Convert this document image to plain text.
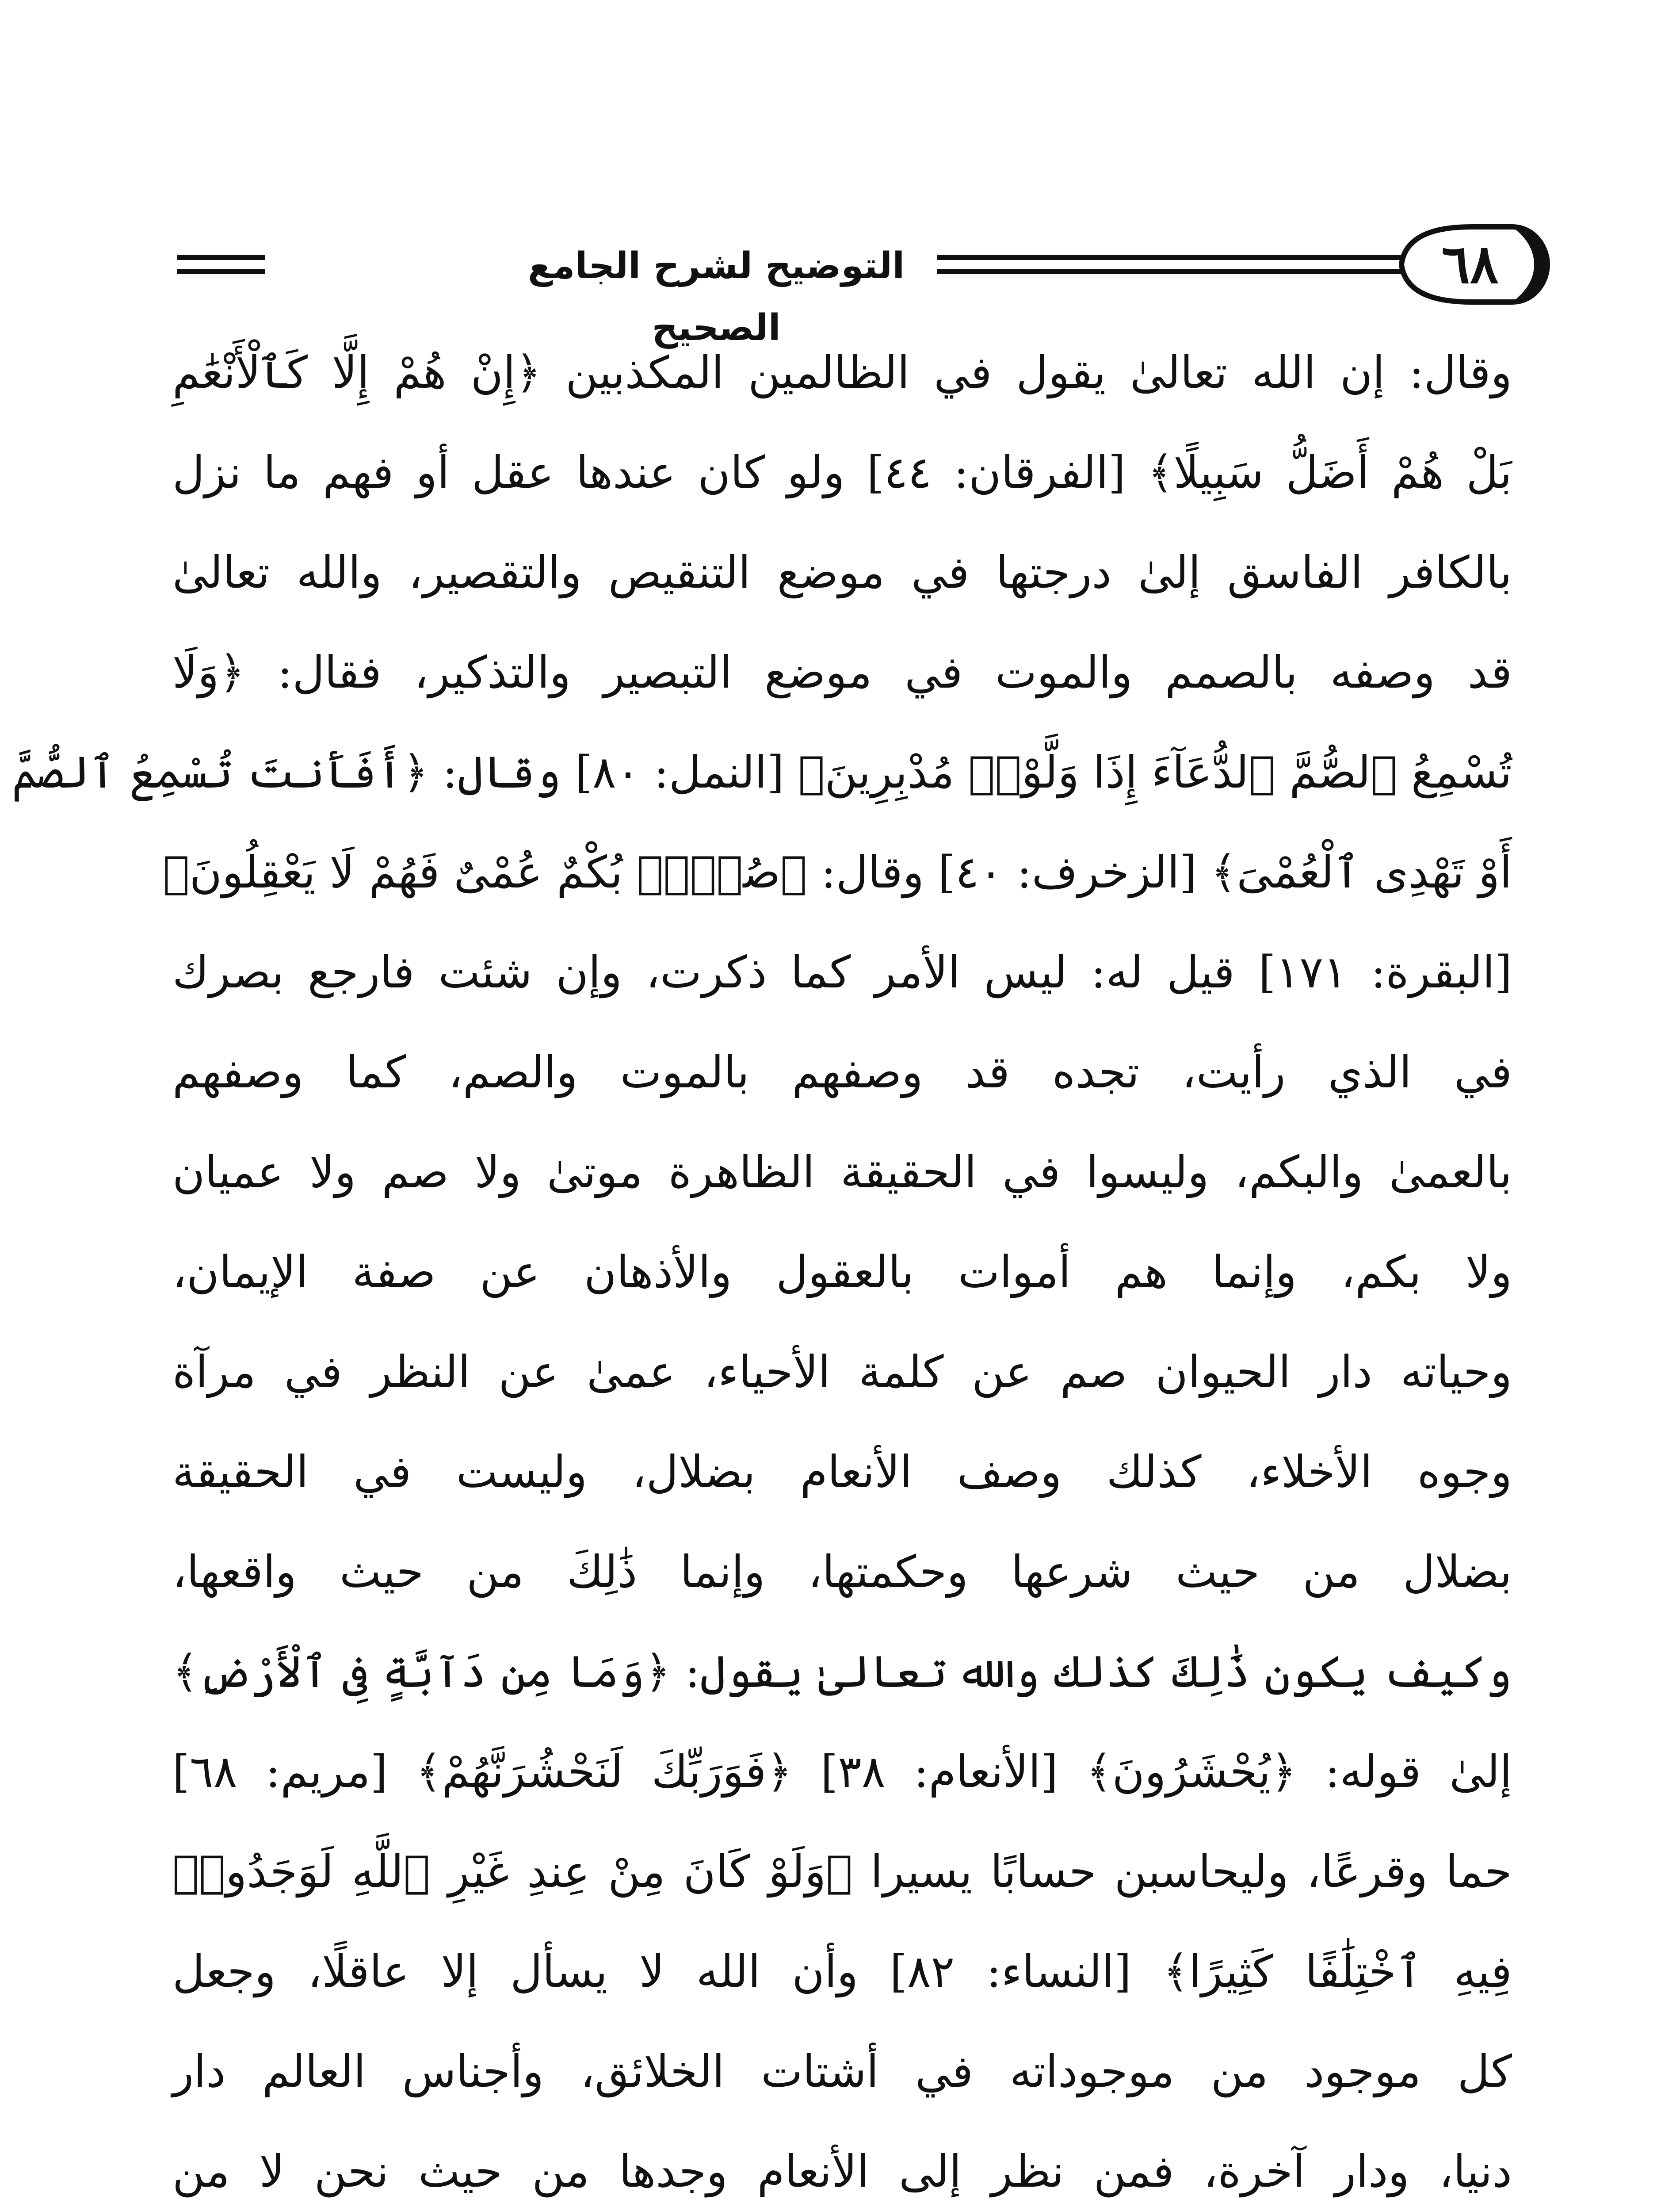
٦٨
التوضيح لشرح الجامع الصحيح
وقال: إن الله تعالىٰ يقول في الظالمين المكذبين ﴿إِنْ هُمْ إِلَّا كَٱلْأَنْعَٰمِ
بَلْ هُمْ أَضَلُّ سَبِيلًا﴾ [الفرقان: ٤٤] ولو كان عندها عقل أو فهم ما نزل
بالكافر الفاسق إلىٰ درجتها في موضع التنقيص والتقصير، والله تعالىٰ
قد وصفه بالصمم والموت في موضع التبصير والتذكير، فقال: ﴿وَلَا
تُسْمِعُ ٱلصُّمَّ ٱلدُّعَآءَ إِذَا وَلَّوْا۟ مُدْبِرِينَ﴾ [النمل: ٨٠] وقال: ﴿أَفَأَنتَ تُسْمِعُ ٱلصُّمَّ
أَوْ تَهْدِى ٱلْعُمْىَ﴾ [الزخرف: ٤٠] وقال: ﴿صُمٌّۢ بُكْمٌ عُمْىٌ فَهُمْ لَا يَعْقِلُونَ﴾
[البقرة: ١٧١] قيل له: ليس الأمر كما ذكرت، وإن شئت فارجع بصرك
في الذي رأيت، تجده قد وصفهم بالموت والصم، كما وصفهم
بالعمىٰ والبكم، وليسوا في الحقيقة الظاهرة موتىٰ ولا صم ولا عميان
ولا بكم، وإنما هم أموات بالعقول والأذهان عن صفة الإيمان،
وحياته دار الحيوان صم عن كلمة الأحياء، عمىٰ عن النظر في مرآة
وجوه الأخلاء، كذلك وصف الأنعام بضلال، وليست في الحقيقة
بضلال من حيث شرعها وحكمتها، وإنما ذَٰلِكَ من حيث واقعها،
وكيف يكون ذَٰلِكَ كذلك والله تعالىٰ يقول: ﴿وَمَا مِن دَآبَّةٍ فِى ٱلْأَرْضِ﴾
إلىٰ قوله: ﴿يُحْشَرُونَ﴾ [الأنعام: ٣٨] ﴿فَوَرَبِّكَ لَنَحْشُرَنَّهُمْ﴾ [مريم: ٦٨]
حما وقرعًا، وليحاسبن حسابًا يسيرا ﴿وَلَوْ كَانَ مِنْ عِندِ غَيْرِ ٱللَّهِ لَوَجَدُوا۟
فِيهِ ٱخْتِلَٰفًا كَثِيرًا﴾ [النساء: ٨٢] وأن الله لا يسأل إلا عاقلًا، وجعل
كل موجود من موجوداته في أشتات الخلائق، وأجناس العالم دار
دنيا، ودار آخرة، فمن نظر إلى الأنعام وجدها من حيث نحن لا من
